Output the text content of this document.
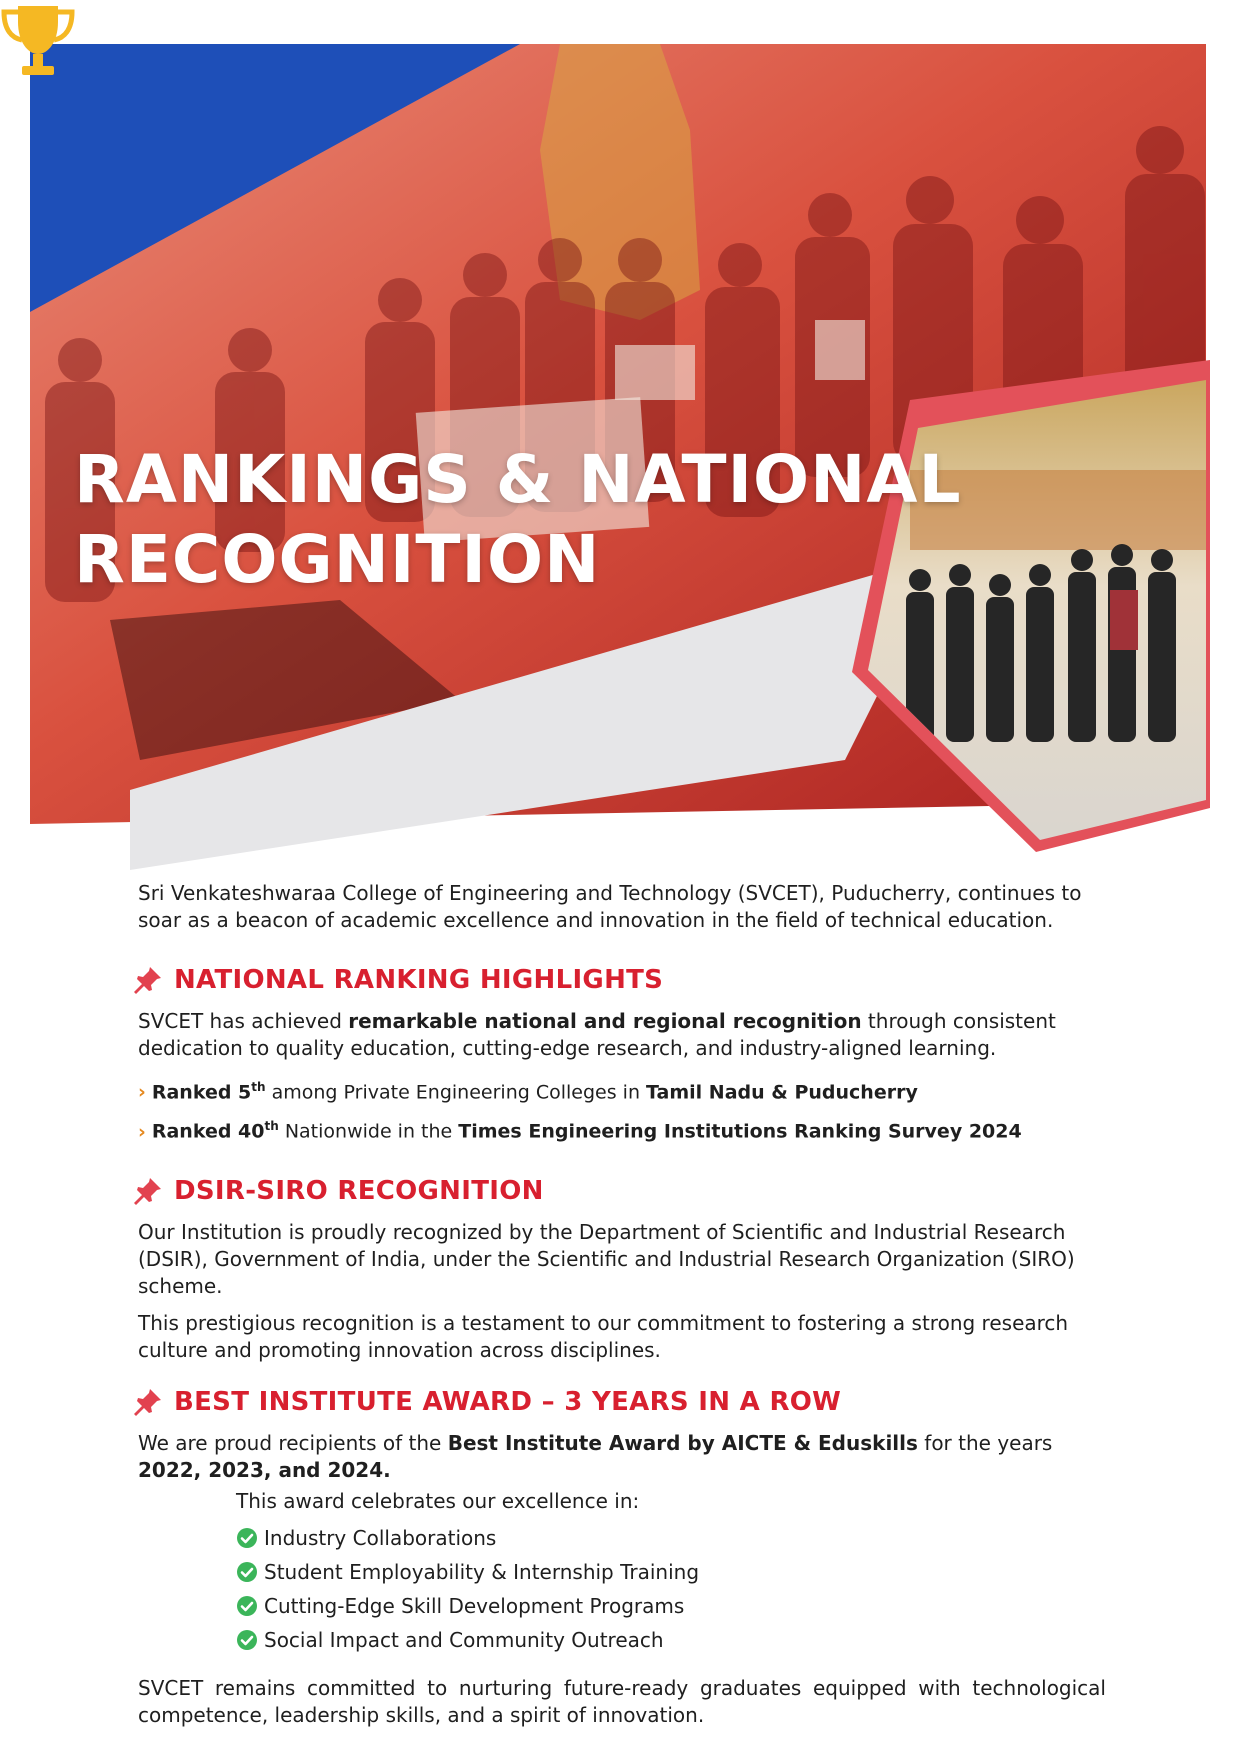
RANKINGS & NATIONAL
RECOGNITION

Sri Venkateshwaraa College of Engineering and Technology (SVCET), Puducherry, continues to soar as a beacon of academic excellence and innovation in the field of technical education.

NATIONAL RANKING HIGHLIGHTS

SVCET has achieved remarkable national and regional recognition through consistent dedication to quality education, cutting-edge research, and industry-aligned learning.

› Ranked 5th among Private Engineering Colleges in Tamil Nadu & Puducherry
› Ranked 40th Nationwide in the Times Engineering Institutions Ranking Survey 2024
DSIR-SIRO RECOGNITION

Our Institution is proudly recognized by the Department of Scientific and Industrial Research (DSIR), Government of India, under the Scientific and Industrial Research Organization (SIRO) scheme.

This prestigious recognition is a testament to our commitment to fostering a strong research culture and promoting innovation across disciplines.

BEST INSTITUTE AWARD – 3 YEARS IN A ROW

We are proud recipients of the Best Institute Award by AICTE & Eduskills for the years 2022, 2023, and 2024.

This award celebrates our excellence in:

Industry Collaborations
Student Employability & Internship Training
Cutting-Edge Skill Development Programs
Social Impact and Community Outreach

SVCET remains committed to nurturing future-ready graduates equipped with technological competence, leadership skills, and a spirit of innovation.
